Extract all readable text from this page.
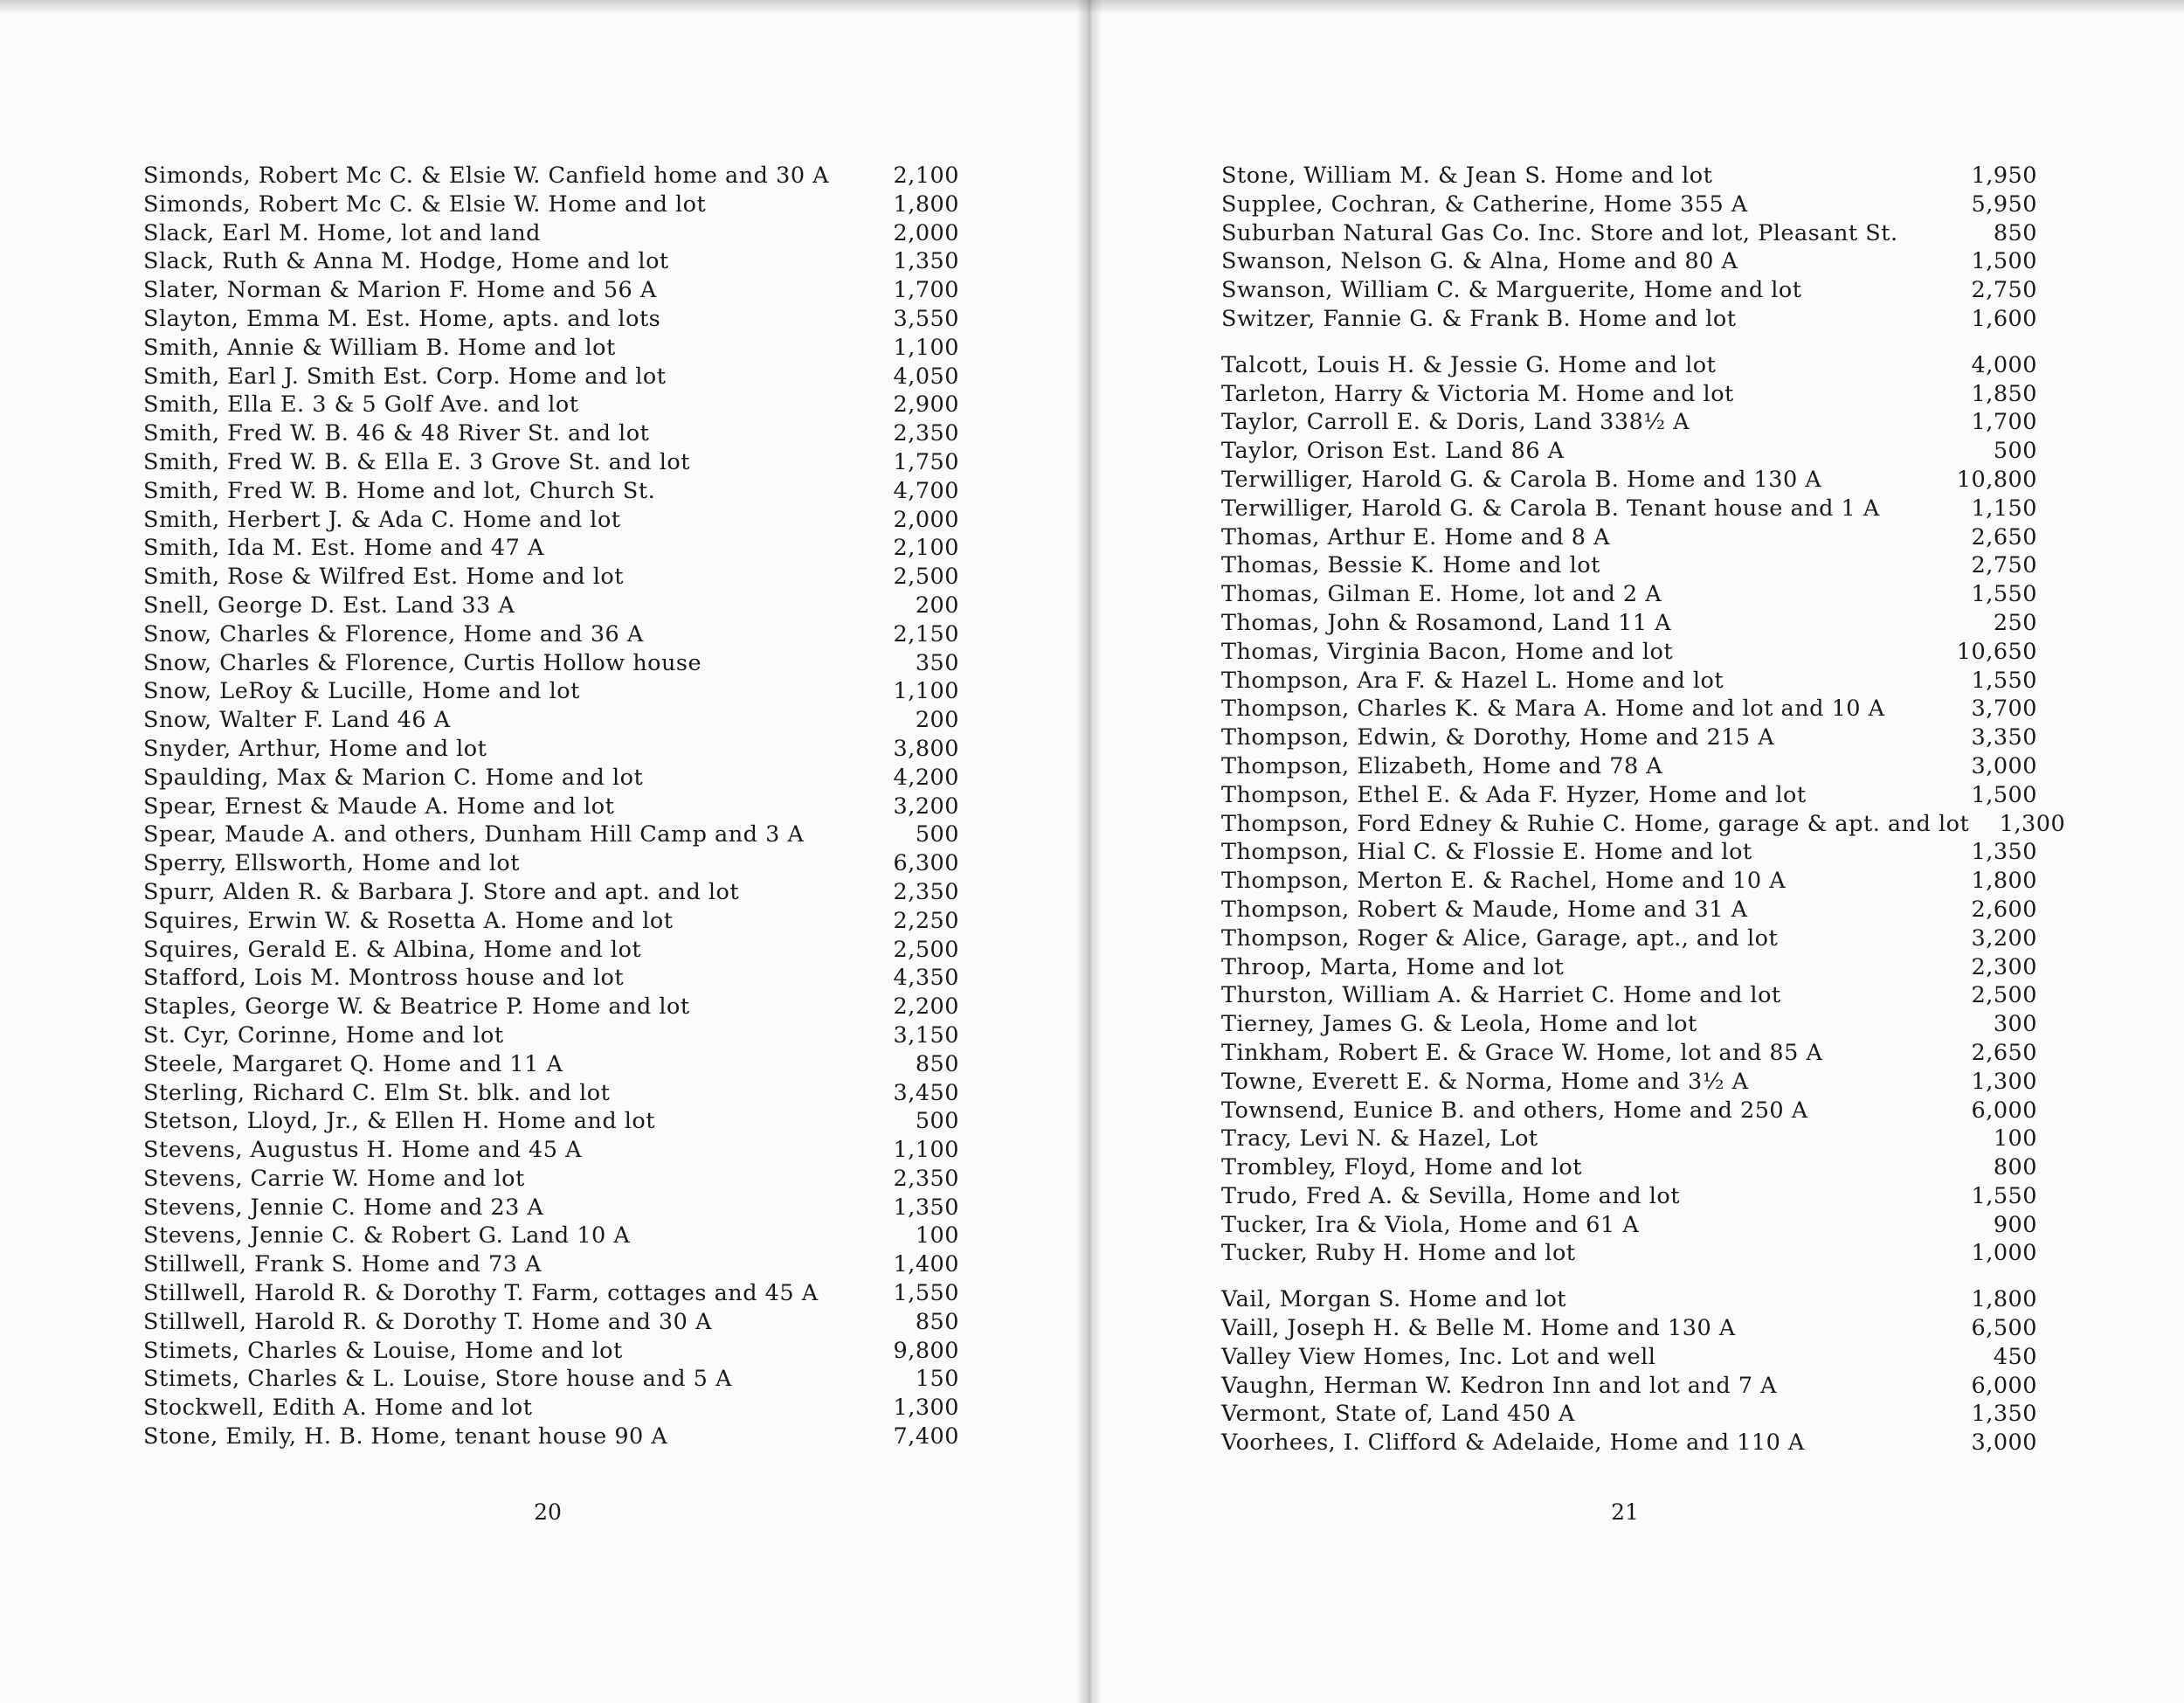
Simonds, Robert Mc C. & Elsie W. Canfield home and 30 A	2,100
Simonds, Robert Mc C. & Elsie W. Home and lot	1,800
Slack, Earl M. Home, lot and land	2,000
Slack, Ruth & Anna M. Hodge, Home and lot	1,350
Slater, Norman & Marion F. Home and 56 A	1,700
Slayton, Emma M. Est. Home, apts. and lots	3,550
Smith, Annie & William B. Home and lot	1,100
Smith, Earl J. Smith Est. Corp. Home and lot	4,050
Smith, Ella E. 3 & 5 Golf Ave. and lot	2,900
Smith, Fred W. B. 46 & 48 River St. and lot	2,350
Smith, Fred W. B. & Ella E. 3 Grove St. and lot	1,750
Smith, Fred W. B. Home and lot, Church St.	4,700
Smith, Herbert J. & Ada C. Home and lot	2,000
Smith, Ida M. Est. Home and 47 A	2,100
Smith, Rose & Wilfred Est. Home and lot	2,500
Snell, George D. Est. Land 33 A	200
Snow, Charles & Florence, Home and 36 A	2,150
Snow, Charles & Florence, Curtis Hollow house	350
Snow, LeRoy & Lucille, Home and lot	1,100
Snow, Walter F. Land 46 A	200
Snyder, Arthur, Home and lot	3,800
Spaulding, Max & Marion C. Home and lot	4,200
Spear, Ernest & Maude A. Home and lot	3,200
Spear, Maude A. and others, Dunham Hill Camp and 3 A	500
Sperry, Ellsworth, Home and lot	6,300
Spurr, Alden R. & Barbara J. Store and apt. and lot	2,350
Squires, Erwin W. & Rosetta A. Home and lot	2,250
Squires, Gerald E. & Albina, Home and lot	2,500
Stafford, Lois M. Montross house and lot	4,350
Staples, George W. & Beatrice P. Home and lot	2,200
St. Cyr, Corinne, Home and lot	3,150
Steele, Margaret Q. Home and 11 A	850
Sterling, Richard C. Elm St. blk. and lot	3,450
Stetson, Lloyd, Jr., & Ellen H. Home and lot	500
Stevens, Augustus H. Home and 45 A	1,100
Stevens, Carrie W. Home and lot	2,350
Stevens, Jennie C. Home and 23 A	1,350
Stevens, Jennie C. & Robert G. Land 10 A	100
Stillwell, Frank S. Home and 73 A	1,400
Stillwell, Harold R. & Dorothy T. Farm, cottages and 45 A	1,550
Stillwell, Harold R. & Dorothy T. Home and 30 A	850
Stimets, Charles & Louise, Home and lot	9,800
Stimets, Charles & L. Louise, Store house and 5 A	150
Stockwell, Edith A. Home and lot	1,300
Stone, Emily, H. B. Home, tenant house 90 A	7,400
Stone, William M. & Jean S. Home and lot	1,950
Supplee, Cochran, & Catherine, Home 355 A	5,950
Suburban Natural Gas Co. Inc. Store and lot, Pleasant St.	850
Swanson, Nelson G. & Alna, Home and 80 A	1,500
Swanson, William C. & Marguerite, Home and lot	2,750
Switzer, Fannie G. & Frank B. Home and lot	1,600
Talcott, Louis H. & Jessie G. Home and lot	4,000
Tarleton, Harry & Victoria M. Home and lot	1,850
Taylor, Carroll E. & Doris, Land 338½ A	1,700
Taylor, Orison Est. Land 86 A	500
Terwilliger, Harold G. & Carola B. Home and 130 A	10,800
Terwilliger, Harold G. & Carola B. Tenant house and 1 A	1,150
Thomas, Arthur E. Home and 8 A	2,650
Thomas, Bessie K. Home and lot	2,750
Thomas, Gilman E. Home, lot and 2 A	1,550
Thomas, John & Rosamond, Land 11 A	250
Thomas, Virginia Bacon, Home and lot	10,650
Thompson, Ara F. & Hazel L. Home and lot	1,550
Thompson, Charles K. & Mara A. Home and lot and 10 A	3,700
Thompson, Edwin, & Dorothy, Home and 215 A	3,350
Thompson, Elizabeth, Home and 78 A	3,000
Thompson, Ethel E. & Ada F. Hyzer, Home and lot	1,500
Thompson, Ford Edney & Ruhie C. Home, garage & apt. and lot	1,300
Thompson, Hial C. & Flossie E. Home and lot	1,350
Thompson, Merton E. & Rachel, Home and 10 A	1,800
Thompson, Robert & Maude, Home and 31 A	2,600
Thompson, Roger & Alice, Garage, apt., and lot	3,200
Throop, Marta, Home and lot	2,300
Thurston, William A. & Harriet C. Home and lot	2,500
Tierney, James G. & Leola, Home and lot	300
Tinkham, Robert E. & Grace W. Home, lot and 85 A	2,650
Towne, Everett E. & Norma, Home and 3½ A	1,300
Townsend, Eunice B. and others, Home and 250 A	6,000
Tracy, Levi N. & Hazel, Lot	100
Trombley, Floyd, Home and lot	800
Trudo, Fred A. & Sevilla, Home and lot	1,550
Tucker, Ira & Viola, Home and 61 A	900
Tucker, Ruby H. Home and lot	1,000
Vail, Morgan S. Home and lot	1,800
Vaill, Joseph H. & Belle M. Home and 130 A	6,500
Valley View Homes, Inc. Lot and well	450
Vaughn, Herman W. Kedron Inn and lot and 7 A	6,000
Vermont, State of, Land 450 A	1,350
Voorhees, I. Clifford & Adelaide, Home and 110 A	3,000
20	21
